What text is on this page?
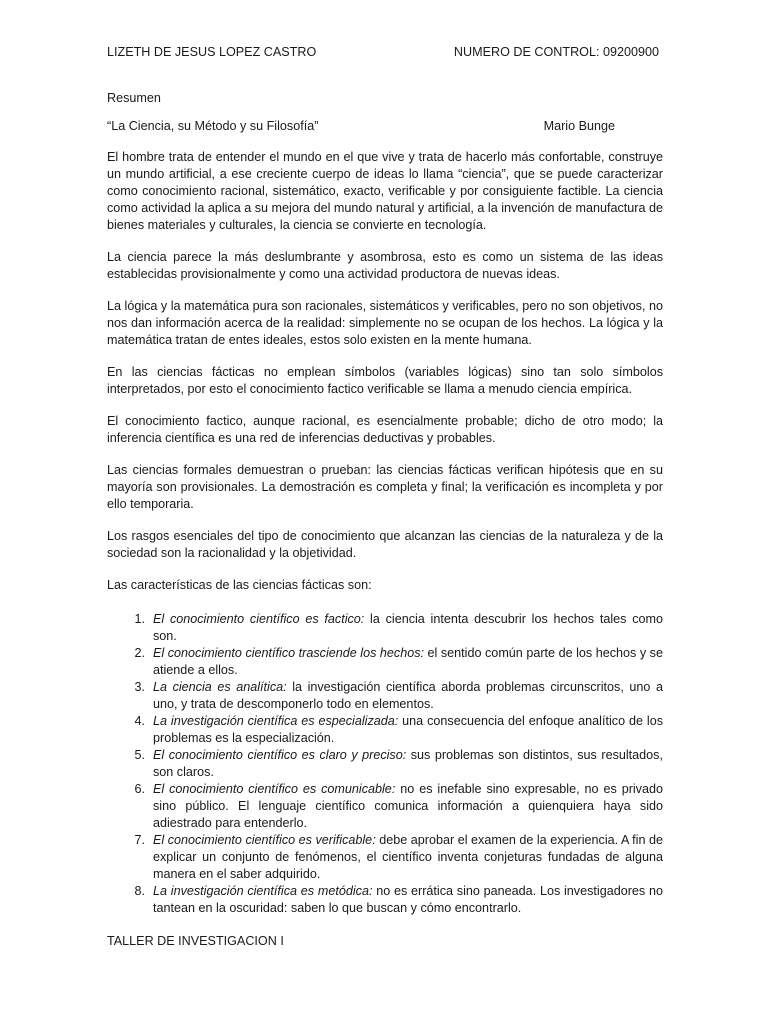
LIZETH DE JESUS LOPEZ CASTRO	NUMERO DE CONTROL: 09200900
Resumen
“La Ciencia, su Método y su Filosofía”	Mario Bunge

El hombre trata de entender el mundo en el que vive y trata de hacerlo más confortable, construye un mundo artificial, a ese creciente cuerpo de ideas lo llama “ciencia”, que se puede caracterizar como conocimiento racional, sistemático, exacto, verificable y por consiguiente factible. La ciencia como actividad la aplica a su mejora del mundo natural y artificial, a la invención de manufactura de bienes materiales y culturales, la ciencia se convierte en tecnología.

La ciencia parece la más deslumbrante y asombrosa, esto es como un sistema de las ideas establecidas provisionalmente y como una actividad productora de nuevas ideas.

La lógica y la matemática pura son racionales, sistemáticos y verificables, pero no son objetivos, no nos dan información acerca de la realidad: simplemente no se ocupan de los hechos. La lógica y la matemática tratan de entes ideales, estos solo existen en la mente humana.

En las ciencias fácticas no emplean símbolos (variables lógicas) sino tan solo símbolos interpretados, por esto el conocimiento factico verificable se llama a menudo ciencia empírica.

El conocimiento factico, aunque racional, es esencialmente probable; dicho de otro modo; la inferencia científica es una red de inferencias deductivas y probables.

Las ciencias formales demuestran o prueban: las ciencias fácticas verifican hipótesis que en su mayoría son provisionales. La demostración es completa y final; la verificación es incompleta y por ello temporaria.

Los rasgos esenciales del tipo de conocimiento que alcanzan las ciencias de la naturaleza y de la sociedad son la racionalidad y la objetividad.

Las características de las ciencias fácticas son:

1. El conocimiento científico es factico: la ciencia intenta descubrir los hechos tales como son.
2. El conocimiento científico trasciende los hechos: el sentido común parte de los hechos y se atiende a ellos.
3. La ciencia es analítica: la investigación científica aborda problemas circunscritos, uno a uno, y trata de descomponerlo todo en elementos.
4. La investigación científica es especializada: una consecuencia del enfoque analítico de los problemas es la especialización.
5. El conocimiento científico es claro y preciso: sus problemas son distintos, sus resultados, son claros.
6. El conocimiento científico es comunicable: no es inefable sino expresable, no es privado sino público. El lenguaje científico comunica información a quienquiera haya sido adiestrado para entenderlo.
7. El conocimiento científico es verificable: debe aprobar el examen de la experiencia. A fin de explicar un conjunto de fenómenos, el científico inventa conjeturas fundadas de alguna manera en el saber adquirido.
8. La investigación científica es metódica: no es errática sino paneada. Los investigadores no tantean en la oscuridad: saben lo que buscan y cómo encontrarlo.
TALLER DE INVESTIGACION I
